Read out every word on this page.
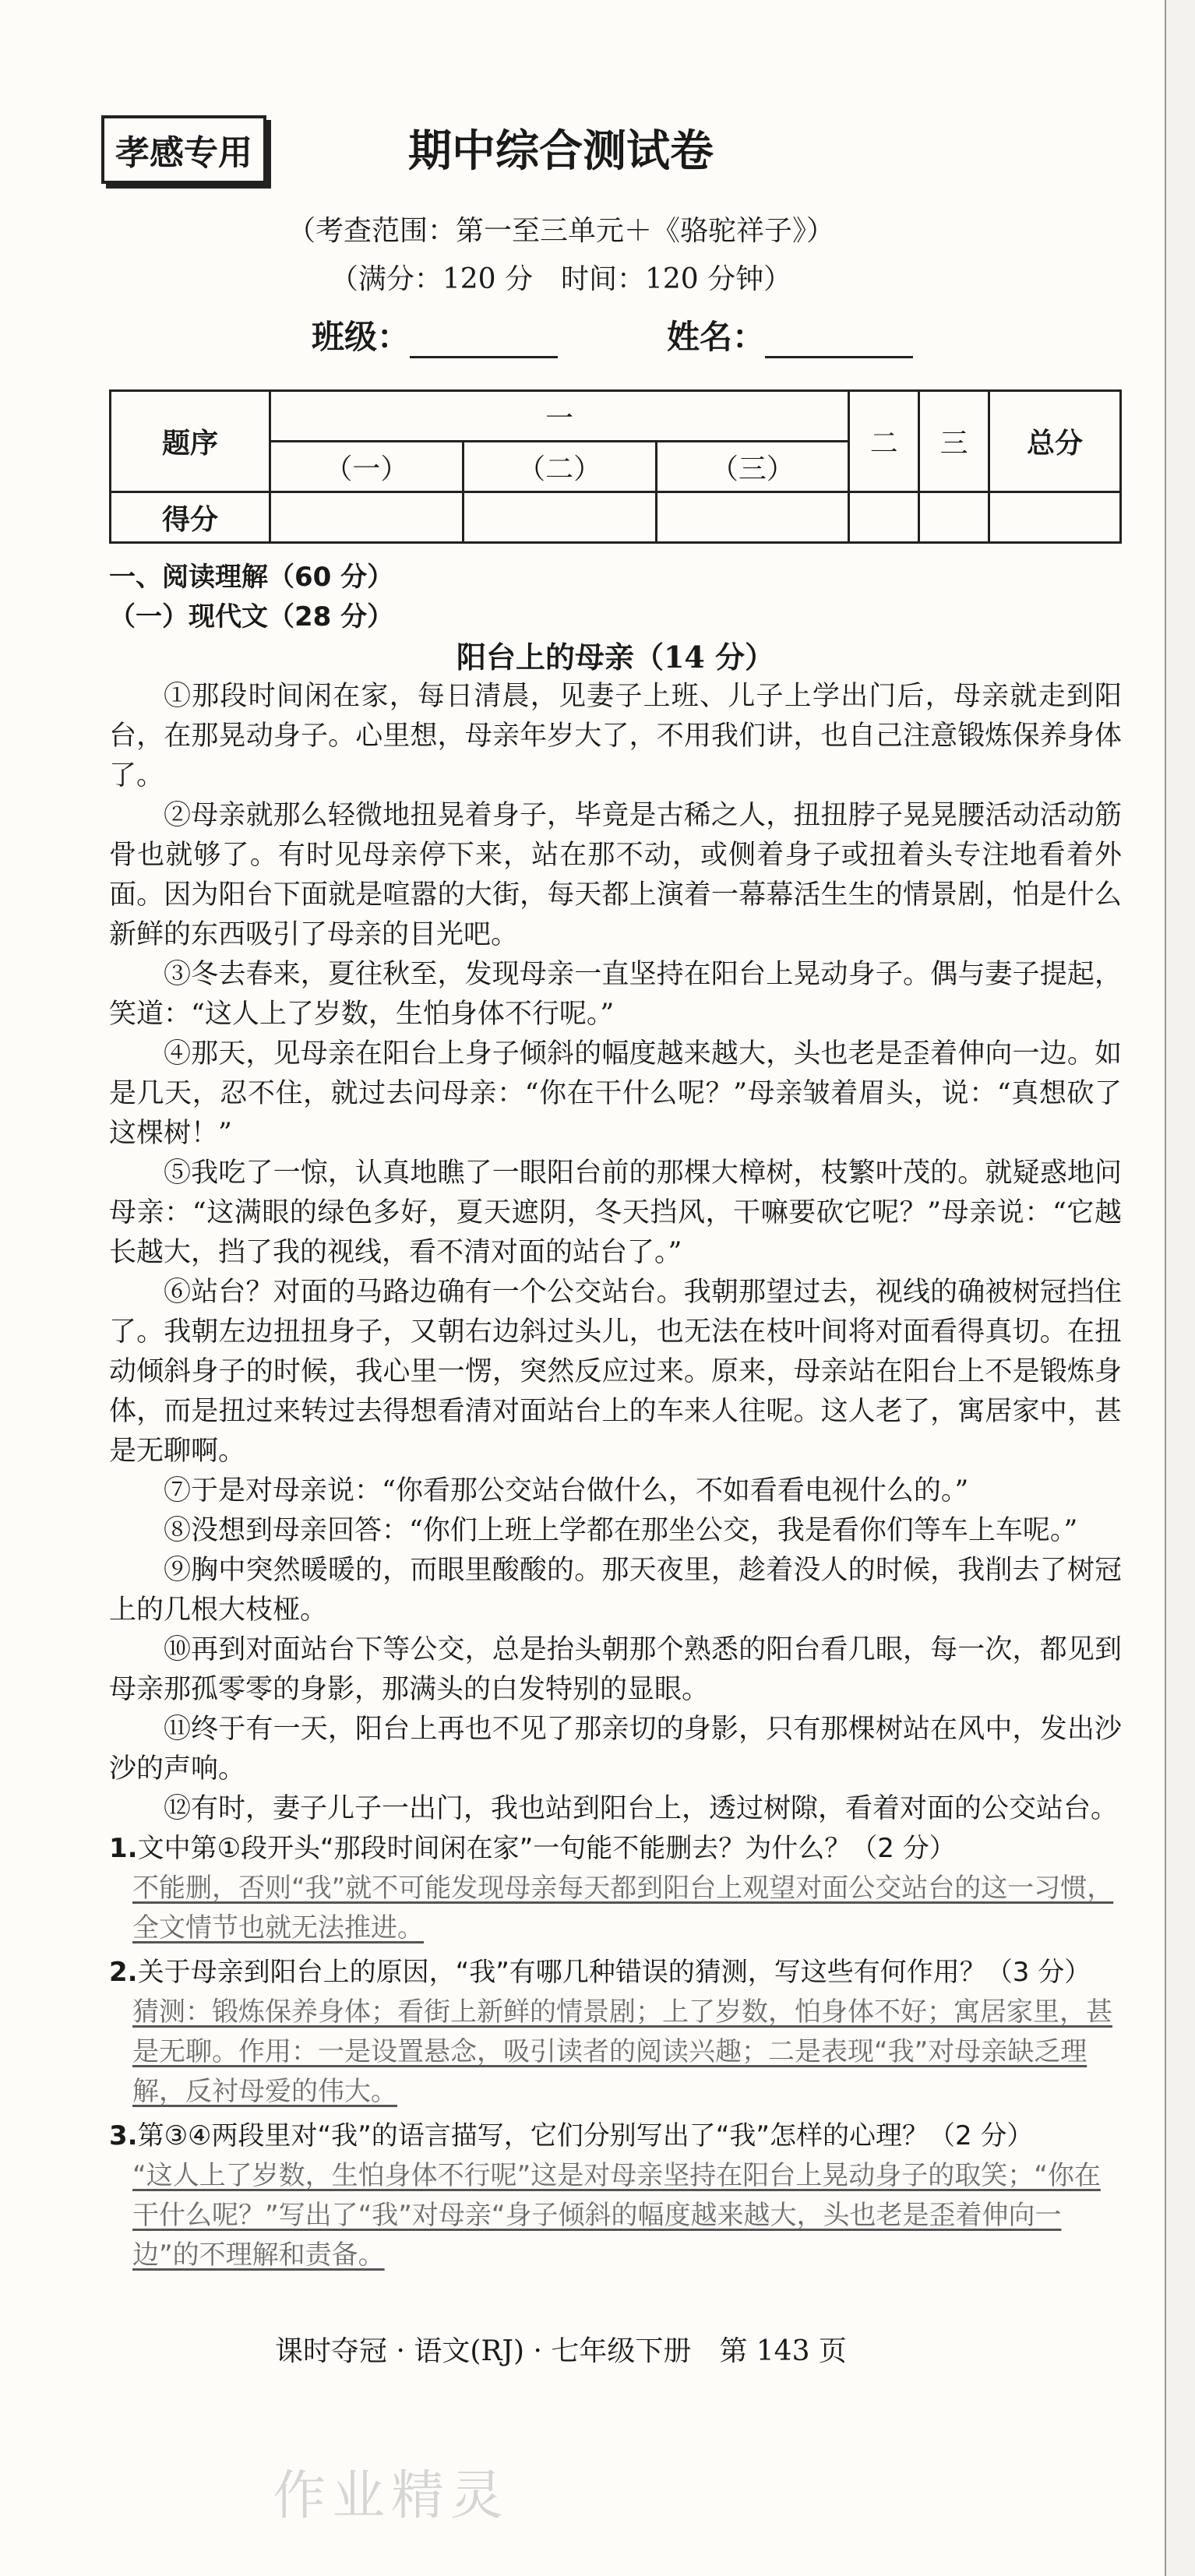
孝感专用	期中综合测试卷
（考查范围：第一至三单元＋《骆驼祥子》）
（满分：120 分　时间：120 分钟）
班级：	姓名：
题序	一			二	三	总分
	（一）	（二）	（三）			
得分						
一、阅读理解（60 分）
（一）现代文（28 分）
阳台上的母亲（14 分）

①那段时间闲在家，每日清晨，见妻子上班、儿子上学出门后，母亲就走到阳台，在那晃动身子。心里想，母亲年岁大了，不用我们讲，也自己注意锻炼保养身体了。

②母亲就那么轻微地扭晃着身子，毕竟是古稀之人，扭扭脖子晃晃腰活动活动筋骨也就够了。有时见母亲停下来，站在那不动，或侧着身子或扭着头专注地看着外面。因为阳台下面就是喧嚣的大街，每天都上演着一幕幕活生生的情景剧，怕是什么新鲜的东西吸引了母亲的目光吧。

③冬去春来，夏往秋至，发现母亲一直坚持在阳台上晃动身子。偶与妻子提起，笑道：“这人上了岁数，生怕身体不行呢。”

④那天，见母亲在阳台上身子倾斜的幅度越来越大，头也老是歪着伸向一边。如是几天，忍不住，就过去问母亲：“你在干什么呢？”母亲皱着眉头，说：“真想砍了这棵树！”

⑤我吃了一惊，认真地瞧了一眼阳台前的那棵大樟树，枝繁叶茂的。就疑惑地问母亲：“这满眼的绿色多好，夏天遮阴，冬天挡风，干嘛要砍它呢？”母亲说：“它越长越大，挡了我的视线，看不清对面的站台了。”

⑥站台？对面的马路边确有一个公交站台。我朝那望过去，视线的确被树冠挡住了。我朝左边扭扭身子，又朝右边斜过头儿，也无法在枝叶间将对面看得真切。在扭动倾斜身子的时候，我心里一愣，突然反应过来。原来，母亲站在阳台上不是锻炼身体，而是扭过来转过去得想看清对面站台上的车来人往呢。这人老了，寓居家中，甚是无聊啊。

⑦于是对母亲说：“你看那公交站台做什么，不如看看电视什么的。”

⑧没想到母亲回答：“你们上班上学都在那坐公交，我是看你们等车上车呢。”

⑨胸中突然暖暖的，而眼里酸酸的。那天夜里，趁着没人的时候，我削去了树冠上的几根大枝桠。

⑩再到对面站台下等公交，总是抬头朝那个熟悉的阳台看几眼，每一次，都见到母亲那孤零零的身影，那满头的白发特别的显眼。

⑪终于有一天，阳台上再也不见了那亲切的身影，只有那棵树站在风中，发出沙沙的声响。

⑫有时，妻子儿子一出门，我也站到阳台上，透过树隙，看着对面的公交站台。

1.文中第①段开头“那段时间闲在家”一句能不能删去？为什么？（2 分）

不能删，否则“我”就不可能发现母亲每天都到阳台上观望对面公交站台的这一习惯，全文情节也就无法推进。

2.关于母亲到阳台上的原因，“我”有哪几种错误的猜测，写这些有何作用？（3 分）

猜测：锻炼保养身体；看街上新鲜的情景剧；上了岁数，怕身体不好；寓居家里，甚是无聊。作用：一是设置悬念，吸引读者的阅读兴趣；二是表现“我”对母亲缺乏理解，反衬母爱的伟大。

3.第③④两段里对“我”的语言描写，它们分别写出了“我”怎样的心理？（2 分）

“这人上了岁数，生怕身体不行呢”这是对母亲坚持在阳台上晃动身子的取笑；“你在干什么呢？”写出了“我”对母亲“身子倾斜的幅度越来越大，头也老是歪着伸向一边”的不理解和责备。

课时夺冠 · 语文(RJ) · 七年级下册　第 143 页
作业精灵
